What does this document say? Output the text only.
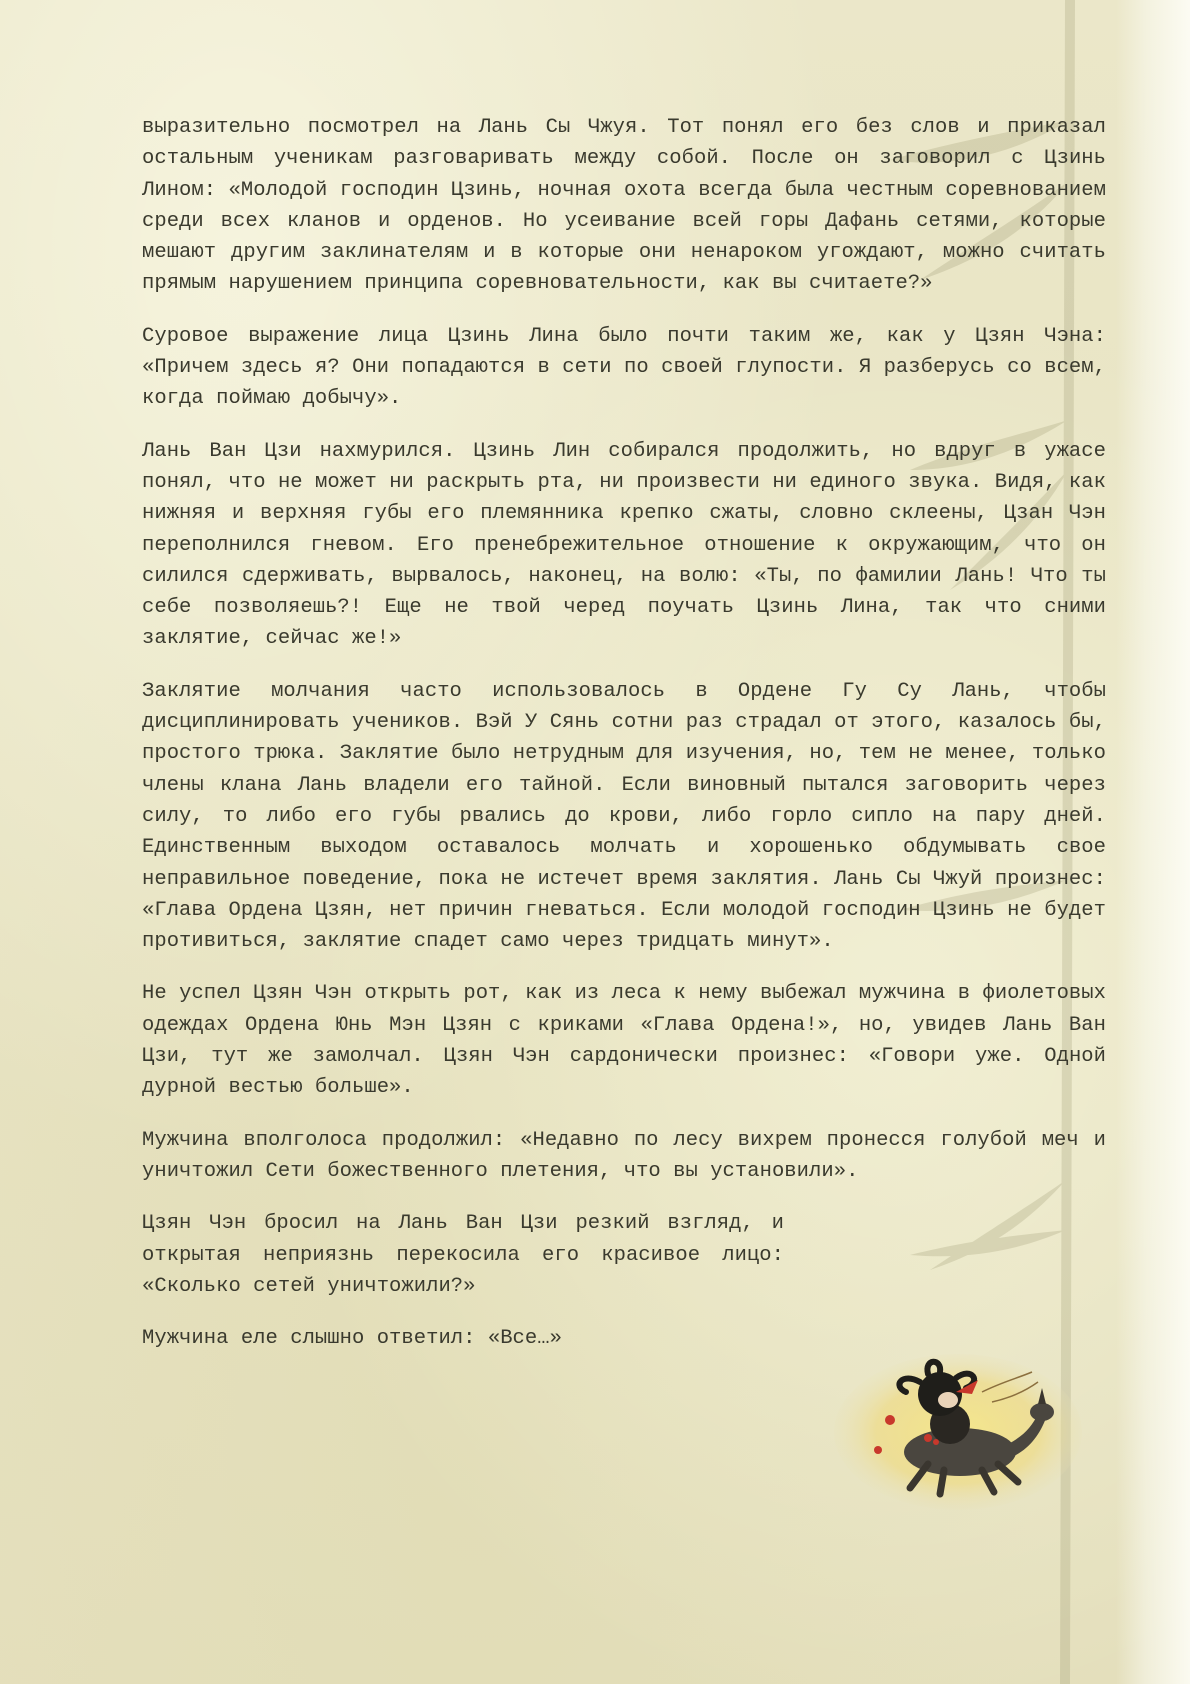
выразительно посмотрел на Лань Сы Чжуя. Тот понял его без слов и приказал остальным ученикам разговаривать между собой. После он заговорил с Цзинь Лином: «Молодой господин Цзинь, ночная охота всегда была честным соревнованием среди всех кланов и орденов. Но усеивание всей горы Дафань сетями, которые мешают другим заклинателям и в которые они ненароком угождают, можно считать прямым нарушением принципа соревновательности, как вы считаете?»

Суровое выражение лица Цзинь Лина было почти таким же, как у Цзян Чэна: «Причем здесь я? Они попадаются в сети по своей глупости. Я разберусь со всем, когда поймаю добычу».

Лань Ван Цзи нахмурился. Цзинь Лин собирался продолжить, но вдруг в ужасе понял, что не может ни раскрыть рта, ни произвести ни единого звука. Видя, как нижняя и верхняя губы его племянника крепко сжаты, словно склеены, Цзан Чэн переполнился гневом. Его пренебрежительное отношение к окружающим, что он силился сдерживать, вырвалось, наконец, на волю: «Ты, по фамилии Лань! Что ты себе позволяешь?! Еще не твой черед поучать Цзинь Лина, так что сними заклятие, сейчас же!»

Заклятие молчания часто использовалось в Ордене Гу Су Лань, чтобы дисциплинировать учеников. Вэй У Сянь сотни раз страдал от этого, казалось бы, простого трюка. Заклятие было нетрудным для изучения, но, тем не менее, только члены клана Лань владели его тайной. Если виновный пытался заговорить через силу, то либо его губы рвались до крови, либо горло сипло на пару дней. Единственным выходом оставалось молчать и хорошенько обдумывать свое неправильное поведение, пока не истечет время заклятия. Лань Сы Чжуй произнес: «Глава Ордена Цзян, нет причин гневаться. Если молодой господин Цзинь не будет противиться, заклятие спадет само через тридцать минут».

Не успел Цзян Чэн открыть рот, как из леса к нему выбежал мужчина в фиолетовых одеждах Ордена Юнь Мэн Цзян с криками «Глава Ордена!», но, увидев Лань Ван Цзи, тут же замолчал. Цзян Чэн сардонически произнес: «Говори уже. Одной дурной вестью больше».

Мужчина вполголоса продолжил: «Недавно по лесу вихрем пронесся голубой меч и уничтожил Сети божественного плетения, что вы установили».

Цзян Чэн бросил на Лань Ван Цзи резкий взгляд, и открытая неприязнь перекосила его красивое лицо: «Сколько сетей уничтожили?»

Мужчина еле слышно ответил: «Все…»
